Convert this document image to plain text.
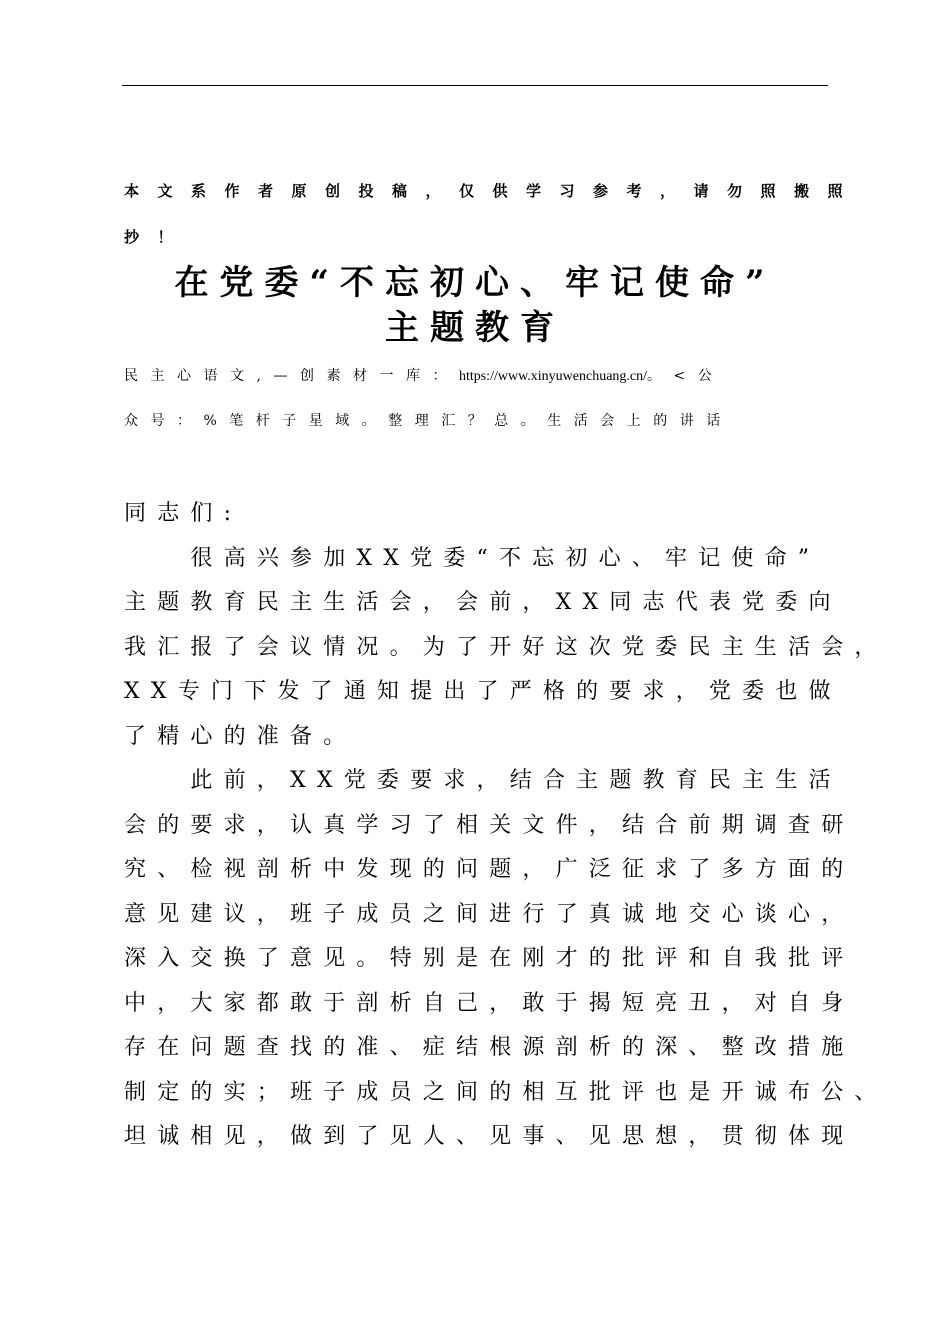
本文系作者原创投稿，仅供学习参考，请勿照搬照
抄！
在党委“不忘初心、牢记使命”
主题教育
民主心语文,—创素材一库：https://www.xinyuwenchuang.cn/。<公
众号：%笔杆子星域。整理汇？总。生活会上的讲话
同志们:
　　很高兴参加XX党委“不忘初心、牢记使命”
主题教育民主生活会，会前，XX同志代表党委向
我汇报了会议情况。为了开好这次党委民主生活会，
XX专门下发了通知提出了严格的要求，党委也做
了精心的准备。
　　此前，XX党委要求，结合主题教育民主生活
会的要求，认真学习了相关文件，结合前期调查研
究、检视剖析中发现的问题，广泛征求了多方面的
意见建议，班子成员之间进行了真诚地交心谈心，
深入交换了意见。特别是在刚才的批评和自我批评
中，大家都敢于剖析自己，敢于揭短亮丑，对自身
存在问题查找的准、症结根源剖析的深、整改措施
制定的实；班子成员之间的相互批评也是开诚布公、
坦诚相见，做到了见人、见事、见思想，贯彻体现
